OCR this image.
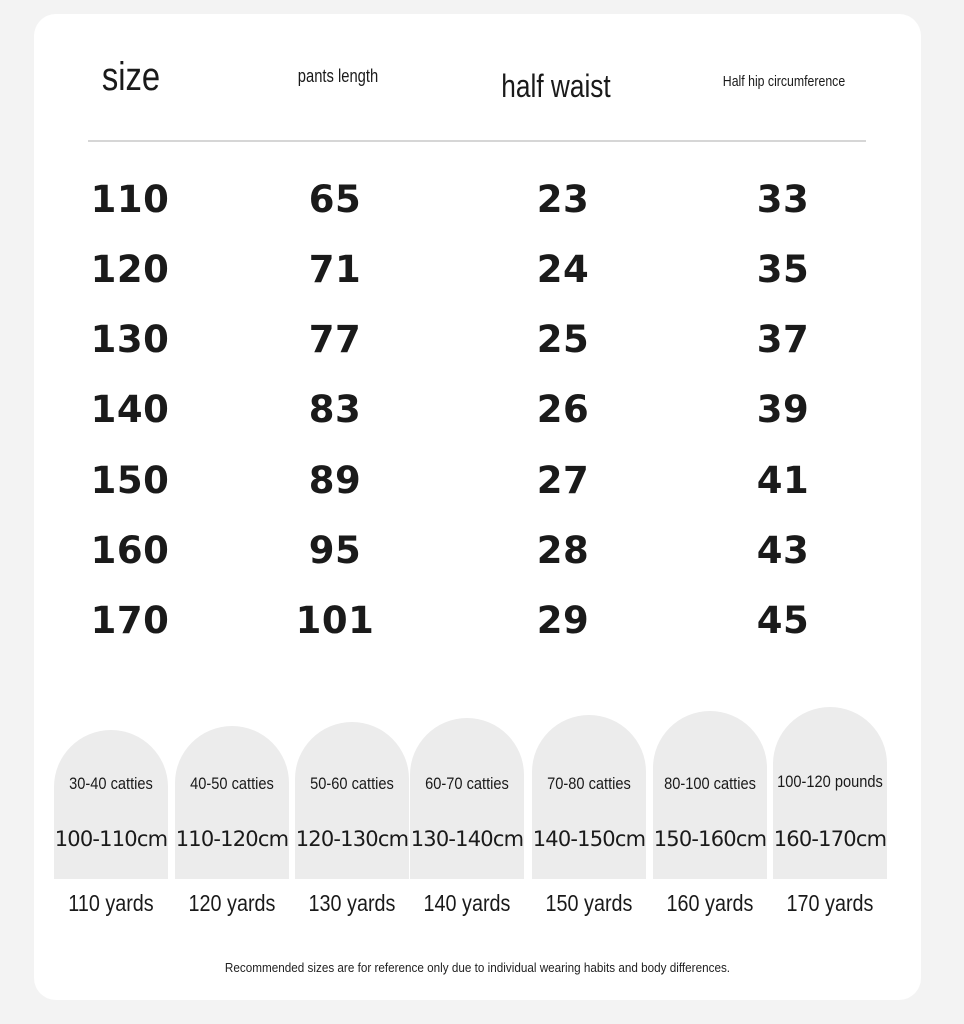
size	pants length	half waist	Half hip circumference
110	65	23	33
120	71	24	35
130	77	25	37
140	83	26	39
150	89	27	41
160	95	28	43
170	101	29	45
30-40 catties
100-110cm
110 yards
40-50 catties
110-120cm
120 yards
50-60 catties
120-130cm
130 yards
60-70 catties
130-140cm
140 yards
70-80 catties
140-150cm
150 yards
80-100 catties
150-160cm
160 yards
100-120 pounds
160-170cm
170 yards
Recommended sizes are for reference only due to individual wearing habits and body differences.
